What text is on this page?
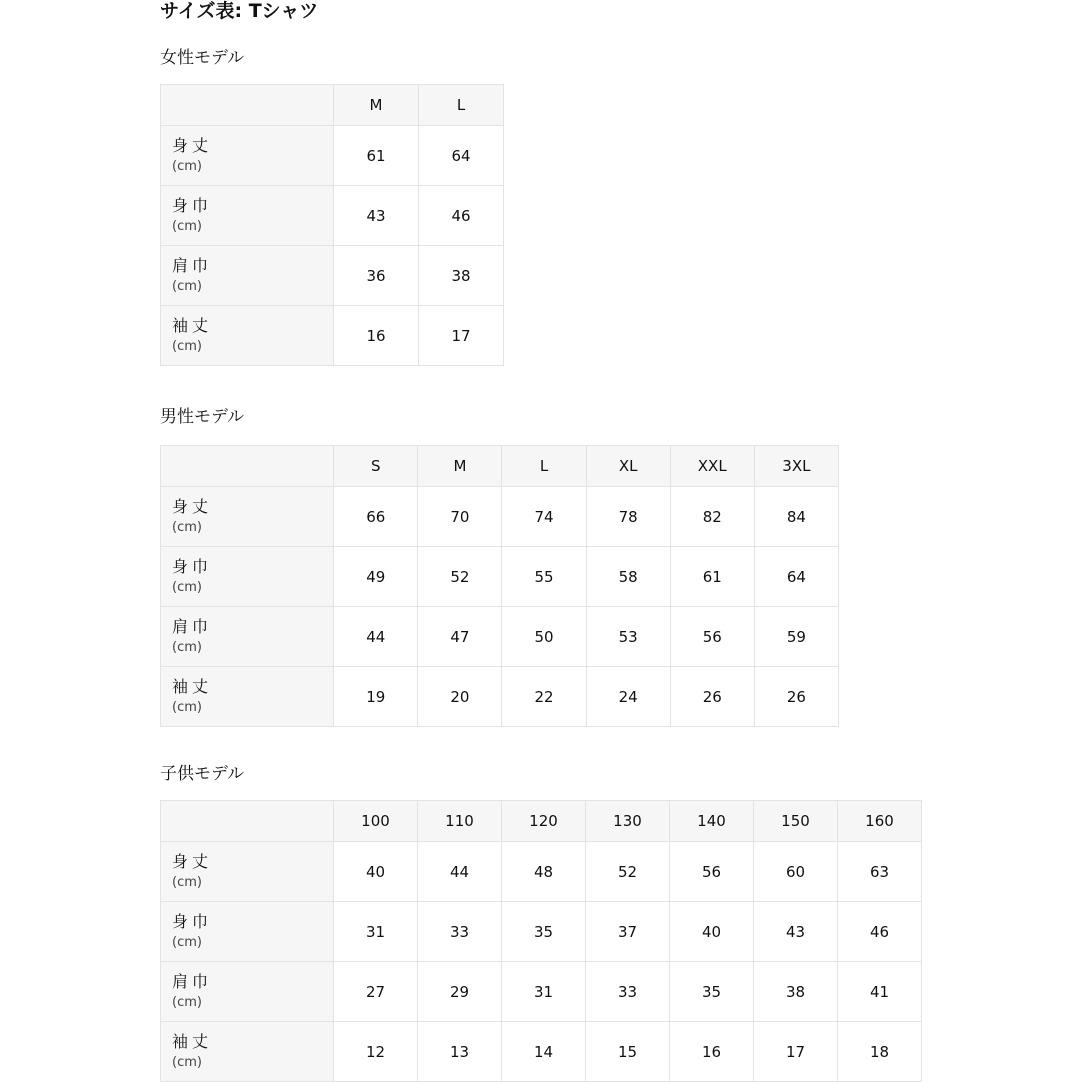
サイズ表: Tシャツ
女性モデル
	M	L

身丈
(cm)	61	64

身巾
(cm)	43	46

肩巾
(cm)	36	38

袖丈
(cm)	16	17
男性モデル
	S	M	L	XL	XXL	3XL

身丈
(cm)	66	70	74	78	82	84

身巾
(cm)	49	52	55	58	61	64

肩巾
(cm)	44	47	50	53	56	59

袖丈
(cm)	19	20	22	24	26	26
子供モデル
	100	110	120	130	140	150	160

身丈
(cm)	40	44	48	52	56	60	63

身巾
(cm)	31	33	35	37	40	43	46

肩巾
(cm)	27	29	31	33	35	38	41

袖丈
(cm)	12	13	14	15	16	17	18
